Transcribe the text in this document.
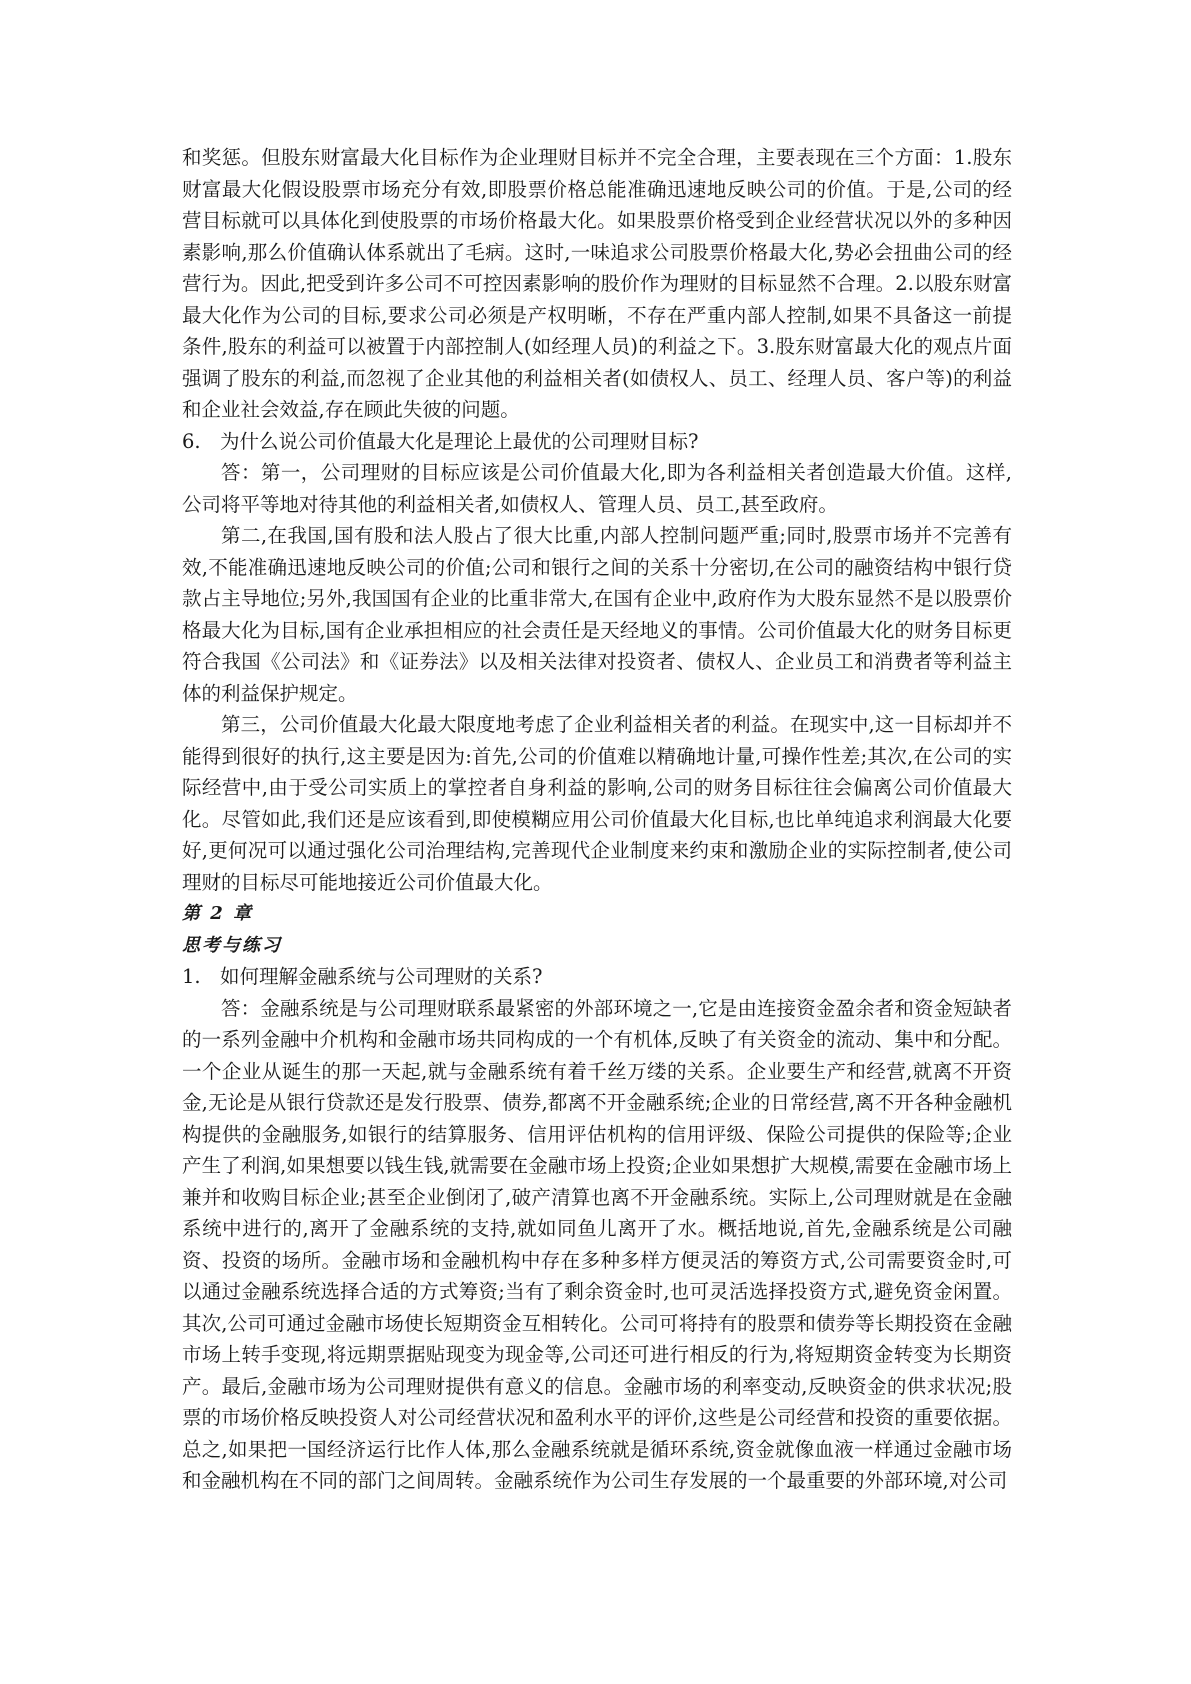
和奖惩。但股东财富最大化目标作为企业理财目标并不完全合理，主要表现在三个方面：1.股东财富最大化假设股票市场充分有效,即股票价格总能准确迅速地反映公司的价值。于是,公司的经营目标就可以具体化到使股票的市场价格最大化。如果股票价格受到企业经营状况以外的多种因素影响,那么价值确认体系就出了毛病。这时,一味追求公司股票价格最大化,势必会扭曲公司的经营行为。因此,把受到许多公司不可控因素影响的股价作为理财的目标显然不合理。2.以股东财富最大化作为公司的目标,要求公司必须是产权明晰，不存在严重内部人控制,如果不具备这一前提条件,股东的利益可以被置于内部控制人(如经理人员)的利益之下。3.股东财富最大化的观点片面强调了股东的利益,而忽视了企业其他的利益相关者(如债权人、员工、经理人员、客户等)的利益和企业社会效益,存在顾此失彼的问题。

6. 为什么说公司价值最大化是理论上最优的公司理财目标?

答：第一，公司理财的目标应该是公司价值最大化,即为各利益相关者创造最大价值。这样,公司将平等地对待其他的利益相关者,如债权人、管理人员、员工,甚至政府。

第二,在我国,国有股和法人股占了很大比重,内部人控制问题严重;同时,股票市场并不完善有效,不能准确迅速地反映公司的价值;公司和银行之间的关系十分密切,在公司的融资结构中银行贷款占主导地位;另外,我国国有企业的比重非常大,在国有企业中,政府作为大股东显然不是以股票价格最大化为目标,国有企业承担相应的社会责任是天经地义的事情。公司价值最大化的财务目标更符合我国《公司法》和《证券法》以及相关法律对投资者、债权人、企业员工和消费者等利益主体的利益保护规定。

第三，公司价值最大化最大限度地考虑了企业利益相关者的利益。在现实中,这一目标却并不能得到很好的执行,这主要是因为:首先,公司的价值难以精确地计量,可操作性差;其次,在公司的实际经营中,由于受公司实质上的掌控者自身利益的影响,公司的财务目标往往会偏离公司价值最大化。尽管如此,我们还是应该看到,即使模糊应用公司价值最大化目标,也比单纯追求利润最大化要好,更何况可以通过强化公司治理结构,完善现代企业制度来约束和激励企业的实际控制者,使公司理财的目标尽可能地接近公司价值最大化。

第 2 章

思考与练习

1. 如何理解金融系统与公司理财的关系?

答：金融系统是与公司理财联系最紧密的外部环境之一,它是由连接资金盈余者和资金短缺者的一系列金融中介机构和金融市场共同构成的一个有机体,反映了有关资金的流动、集中和分配。一个企业从诞生的那一天起,就与金融系统有着千丝万缕的关系。企业要生产和经营,就离不开资金,无论是从银行贷款还是发行股票、债券,都离不开金融系统;企业的日常经营,离不开各种金融机构提供的金融服务,如银行的结算服务、信用评估机构的信用评级、保险公司提供的保险等;企业产生了利润,如果想要以钱生钱,就需要在金融市场上投资;企业如果想扩大规模,需要在金融市场上兼并和收购目标企业;甚至企业倒闭了,破产清算也离不开金融系统。实际上,公司理财就是在金融系统中进行的,离开了金融系统的支持,就如同鱼儿离开了水。概括地说,首先,金融系统是公司融资、投资的场所。金融市场和金融机构中存在多种多样方便灵活的筹资方式,公司需要资金时,可以通过金融系统选择合适的方式筹资;当有了剩余资金时,也可灵活选择投资方式,避免资金闲置。其次,公司可通过金融市场使长短期资金互相转化。公司可将持有的股票和债券等长期投资在金融市场上转手变现,将远期票据贴现变为现金等,公司还可进行相反的行为,将短期资金转变为长期资产。最后,金融市场为公司理财提供有意义的信息。金融市场的利率变动,反映资金的供求状况;股票的市场价格反映投资人对公司经营状况和盈利水平的评价,这些是公司经营和投资的重要依据。总之,如果把一国经济运行比作人体,那么金融系统就是循环系统,资金就像血液一样通过金融市场和金融机构在不同的部门之间周转。金融系统作为公司生存发展的一个最重要的外部环境,对公司
